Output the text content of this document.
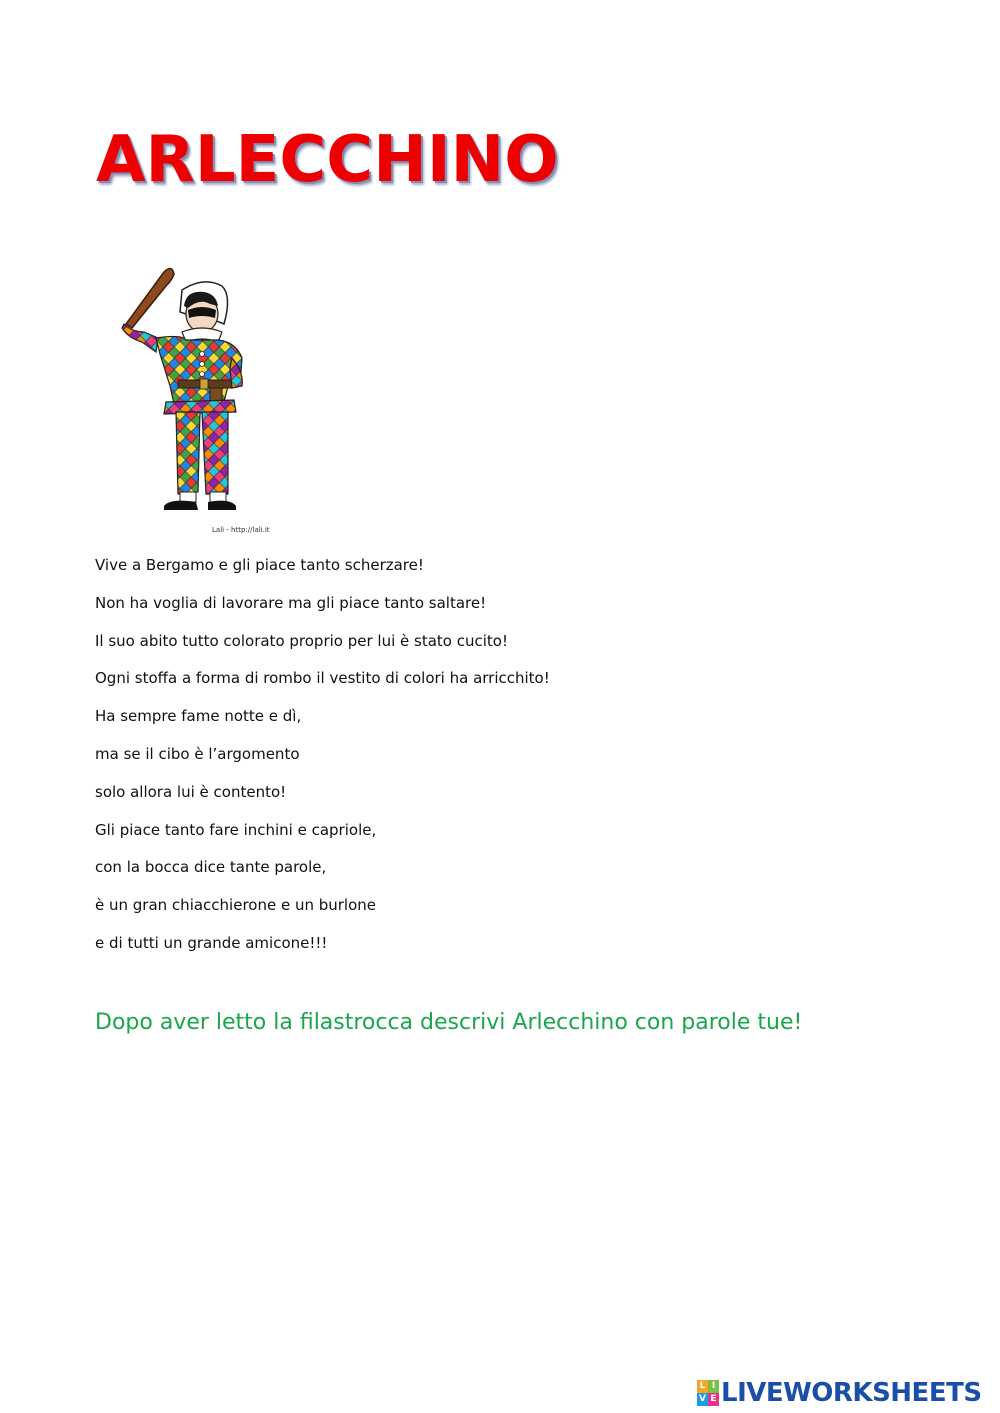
ARLECCHINO
Lali - http://lali.it
Vive a Bergamo e gli piace tanto scherzare!
Non ha voglia di lavorare ma gli piace tanto saltare!
Il suo abito tutto colorato proprio per lui è stato cucito!
Ogni stoffa a forma di rombo il vestito di colori ha arricchito!
Ha sempre fame notte e dì,
ma se il cibo è l’argomento
solo allora lui è contento!
Gli piace tanto fare inchini e capriole,
con la bocca dice tante parole,
è un gran chiacchierone e un burlone
e di tutti un grande amicone!!!
Dopo aver letto la filastrocca descrivi Arlecchino con parole tue!
L I
V E LIVEWORKSHEETS
